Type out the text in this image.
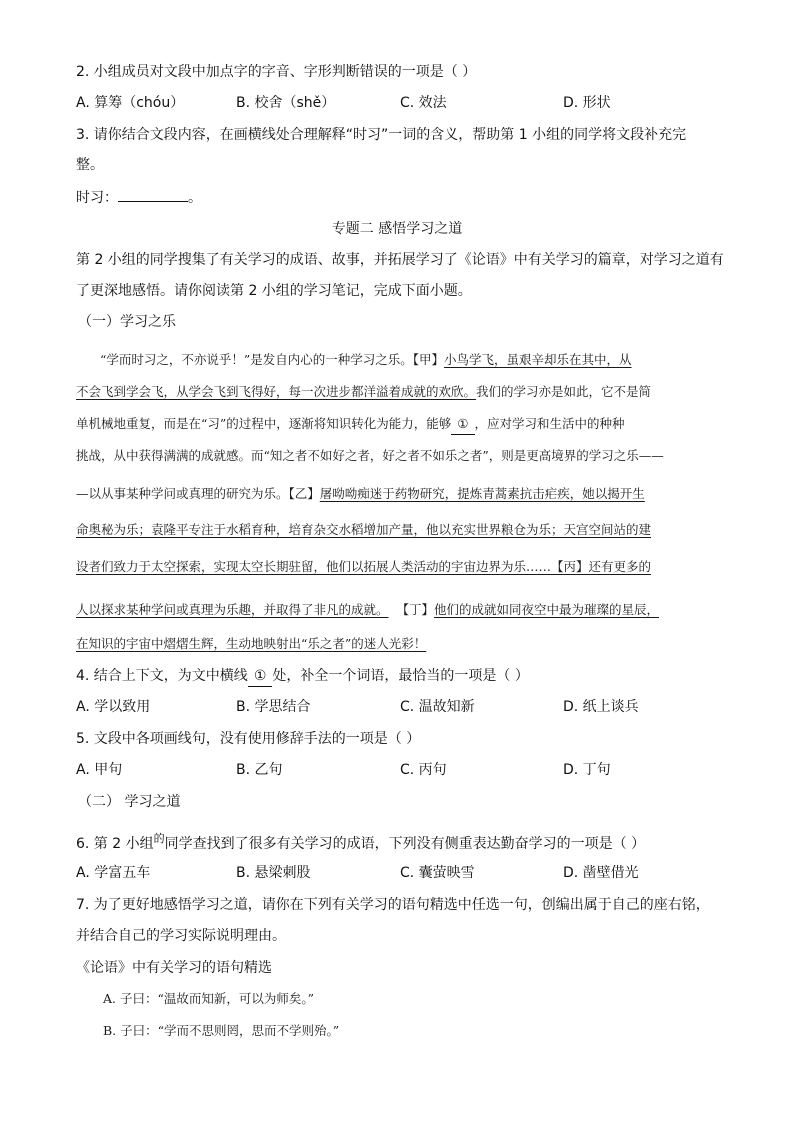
2. 小组成员对文段中加点字的字音、字形判断错误的一项是（ ）
A. 算筹（chóu）	B. 校舍（shě）	C. 效法	D. 形状
3. 请你结合文段内容，在画横线处合理解释“时习”一词的含义，帮助第 1 小组的同学将文段补充完
整。
时习：	。
专题二 感悟学习之道
第 2 小组的同学搜集了有关学习的成语、故事，并拓展学习了《论语》中有关学习的篇章，对学习之道有
了更深地感悟。请你阅读第 2 小组的学习笔记，完成下面小题。
（一）学习之乐
“学而时习之，不亦说乎！”是发自内心的一种学习之乐。【甲】小鸟学飞，虽艰辛却乐在其中，从
不会飞到学会飞，从学会飞到飞得好，每一次进步都洋溢着成就的欢欣。我们的学习亦是如此，它不是简
单机械地重复，而是在“习”的过程中，逐渐将知识转化为能力，能够 ① ，应对学习和生活中的种种
挑战，从中获得满满的成就感。而“知之者不如好之者，好之者不如乐之者”，则是更高境界的学习之乐——
—以从事某种学问或真理的研究为乐。【乙】屠呦呦痴迷于药物研究，提炼青蒿素抗击疟疾，她以揭开生
命奥秘为乐；袁隆平专注于水稻育种，培育杂交水稻增加产量，他以充实世界粮仓为乐；天宫空间站的建
设者们致力于太空探索，实现太空长期驻留，他们以拓展人类活动的宇宙边界为乐……【丙】还有更多的
人以探求某种学问或真理为乐趣，并取得了非凡的成就。 【丁】他们的成就如同夜空中最为璀璨的星辰，
在知识的宇宙中熠熠生辉，生动地映射出“乐之者”的迷人光彩！
4. 结合上下文，为文中横线 ① 处，补全一个词语，最恰当的一项是（ ）
A. 学以致用	B. 学思结合	C. 温故知新	D. 纸上谈兵
5. 文段中各项画线句，没有使用修辞手法的一项是（ ）
A. 甲句	B. 乙句	C. 丙句	D. 丁句
（二） 学习之道
6. 第 2 小组$^的$同学查找到了很多有关学习的成语，下列没有侧重表达勤奋学习的一项是（ ）
A. 学富五车	B. 悬梁刺股	C. 囊萤映雪	D. 凿壁借光
7. 为了更好地感悟学习之道，请你在下列有关学习的语句精选中任选一句，创编出属于自己的座右铭，
并结合自己的学习实际说明理由。
《论语》中有关学习的语句精选
A. 子曰：“温故而知新，可以为师矣。”
B. 子曰：“学而不思则罔，思而不学则殆。”
